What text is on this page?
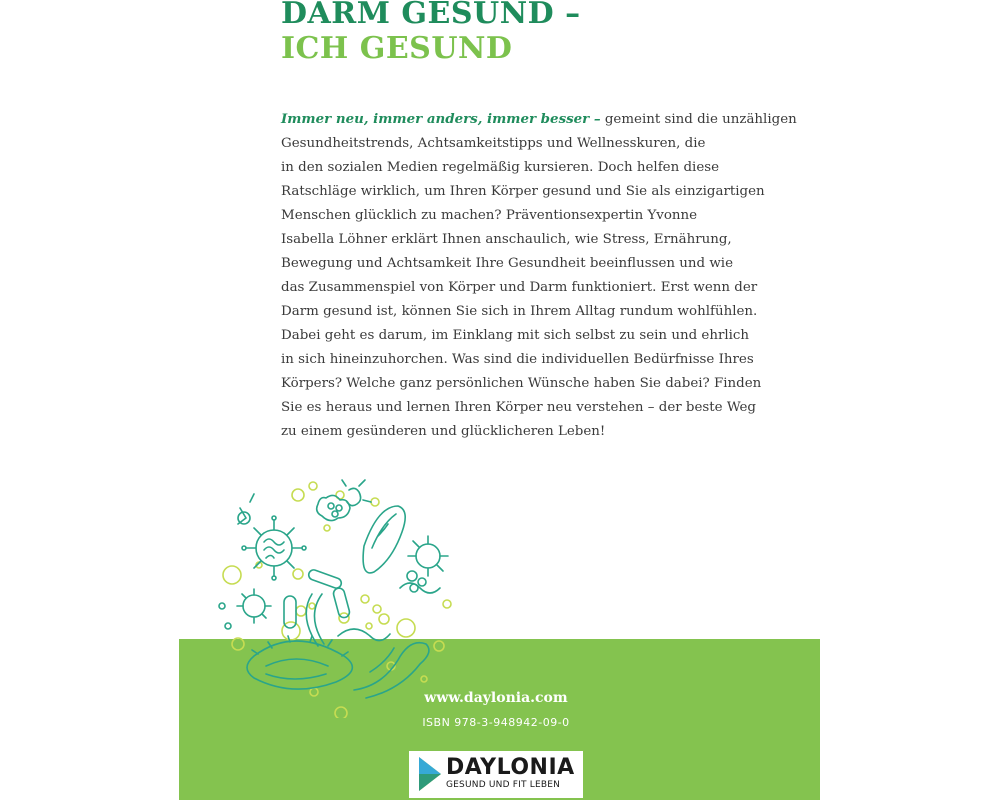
DARM GESUND –
ICH GESUND
Immer neu, immer anders, immer besser – gemeint sind die unzähligen
Gesundheitstrends, Achtsamkeitstipps und Wellnesskuren, die
in den sozialen Medien regelmäßig kursieren. Doch helfen diese
Ratschläge wirklich, um Ihren Körper gesund und Sie als einzigartigen
Menschen glücklich zu machen? Präventionsexpertin Yvonne
Isabella Löhner erklärt Ihnen anschaulich, wie Stress, Ernährung,
Bewegung und Achtsamkeit Ihre Gesundheit beeinflussen und wie
das Zusammenspiel von Körper und Darm funktioniert. Erst wenn der
Darm gesund ist, können Sie sich in Ihrem Alltag rundum wohlfühlen.
Dabei geht es darum, im Einklang mit sich selbst zu sein und ehrlich
in sich hineinzuhorchen. Was sind die individuellen Bedürfnisse Ihres
Körpers? Welche ganz persönlichen Wünsche haben Sie dabei? Finden
Sie es heraus und lernen Ihren Körper neu verstehen – der beste Weg
zu einem gesünderen und glücklicheren Leben!
www.daylonia.com
ISBN 978-3-948942-09-0
DAYLONIA
GESUND UND FIT LEBEN
